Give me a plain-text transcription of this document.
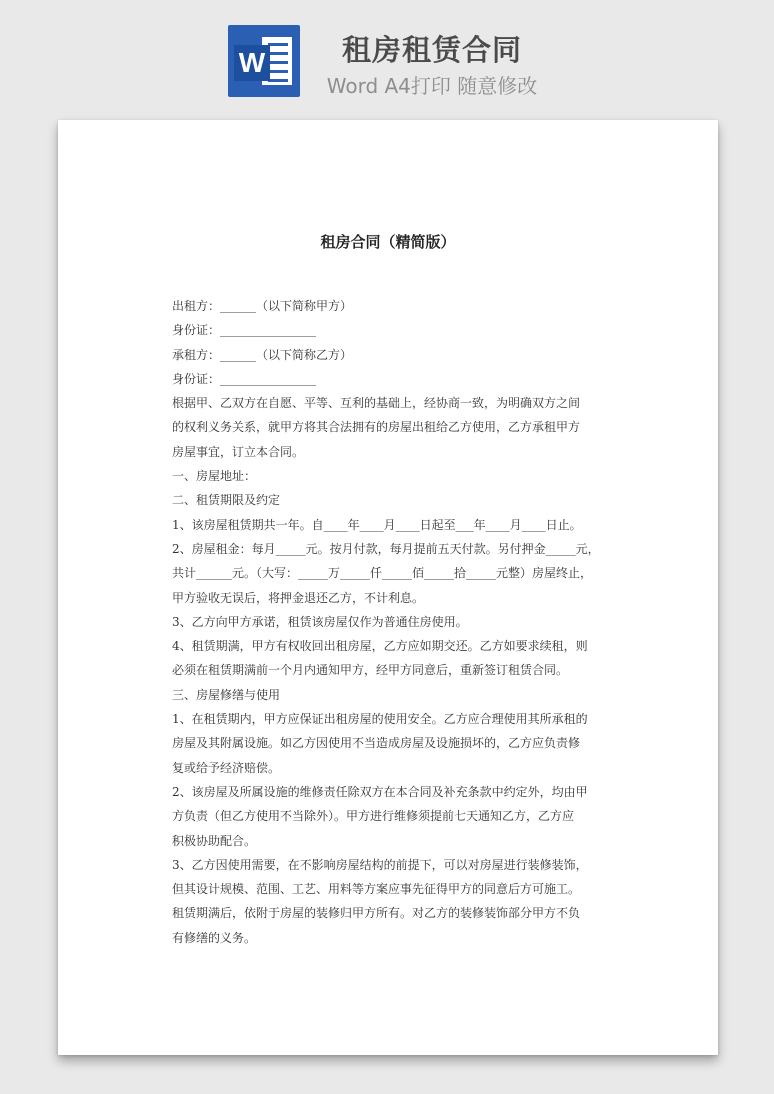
W	租房租赁合同
Word A4打印 随意修改

租房合同（精简版）
出租方：______（以下简称甲方）
身份证：________________
承租方：______（以下简称乙方）
身份证：________________
根据甲、乙双方在自愿、平等、互利的基础上，经协商一致，为明确双方之间
的权利义务关系，就甲方将其合法拥有的房屋出租给乙方使用，乙方承租甲方
房屋事宜，订立本合同。
一、房屋地址：
二、租赁期限及约定
1、该房屋租赁期共一年。自____年____月____日起至___年____月____日止。
2、房屋租金：每月_____元。按月付款，每月提前五天付款。另付押金_____元，
共计______元。（大写：_____万_____仟_____佰_____拾_____元整）房屋终止，
甲方验收无误后，将押金退还乙方，不计利息。
3、乙方向甲方承诺，租赁该房屋仅作为普通住房使用。
4、租赁期满，甲方有权收回出租房屋，乙方应如期交还。乙方如要求续租，则
必须在租赁期满前一个月内通知甲方，经甲方同意后，重新签订租赁合同。
三、房屋修缮与使用
1、在租赁期内，甲方应保证出租房屋的使用安全。乙方应合理使用其所承租的
房屋及其附属设施。如乙方因使用不当造成房屋及设施损坏的，乙方应负责修
复或给予经济赔偿。
2、该房屋及所属设施的维修责任除双方在本合同及补充条款中约定外，均由甲
方负责（但乙方使用不当除外）。甲方进行维修须提前七天通知乙方，乙方应
积极协助配合。
3、乙方因使用需要，在不影响房屋结构的前提下，可以对房屋进行装修装饰，
但其设计规模、范围、工艺、用料等方案应事先征得甲方的同意后方可施工。
租赁期满后，依附于房屋的装修归甲方所有。对乙方的装修装饰部分甲方不负
有修缮的义务。
